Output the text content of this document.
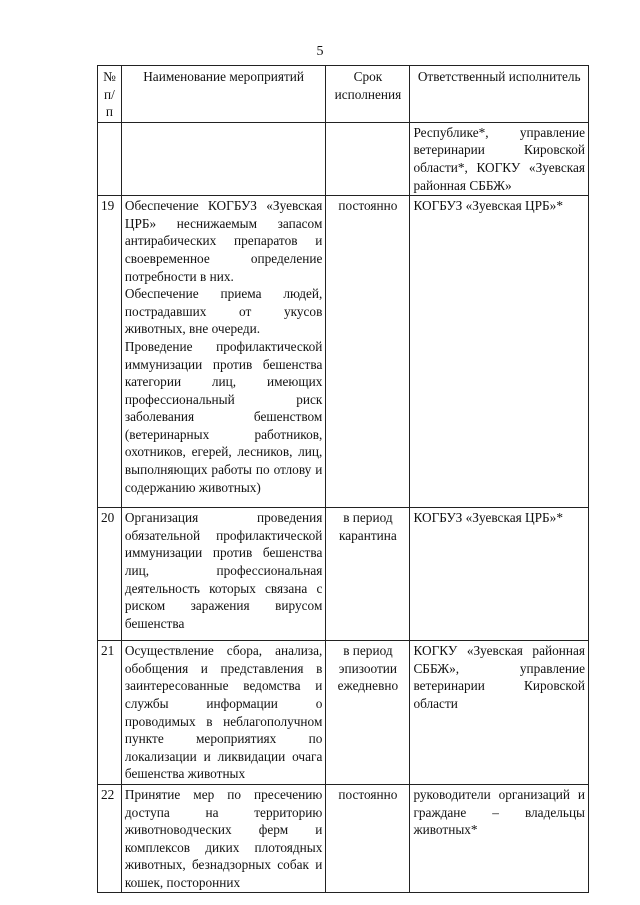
5
№ п/п	Наименование мероприятий	Срок исполнения	Ответственный исполнитель
			Республике*, управление ветеринарии Кировской области*, КОГКУ «Зуевская районная СББЖ»
19	Обеспечение КОГБУЗ «Зуевская ЦРБ» неснижаемым запасом антирабических препаратов и своевременное определение потребности в них.
Обеспечение приема людей, пострадавших от укусов животных, вне очереди.
Проведение профилактической иммунизации против бешенства категории лиц, имеющих профессиональный риск заболевания бешенством (ветеринарных работников, охотников, егерей, лесников, лиц, выполняющих работы по отлову и содержанию животных)	постоянно	КОГБУЗ «Зуевская ЦРБ»*
20	Организация проведения обязательной профилактической иммунизации против бешенства лиц, профессиональная деятельность которых связана с риском заражения вирусом бешенства	в период карантина	КОГБУЗ «Зуевская ЦРБ»*
21	Осуществление сбора, анализа, обобщения и представления в заинтересованные ведомства и службы информации о проводимых в неблагополучном пункте мероприятиях по локализации и ликвидации очага бешенства животных	в период эпизоотии ежедневно	КОГКУ «Зуевская районная СББЖ», управление ветеринарии Кировской области
22	Принятие мер по пресечению доступа на территорию животноводческих ферм и комплексов диких плотоядных животных, безнадзорных собак и кошек, посторонних	постоянно	руководители организаций и граждане – владельцы животных*
